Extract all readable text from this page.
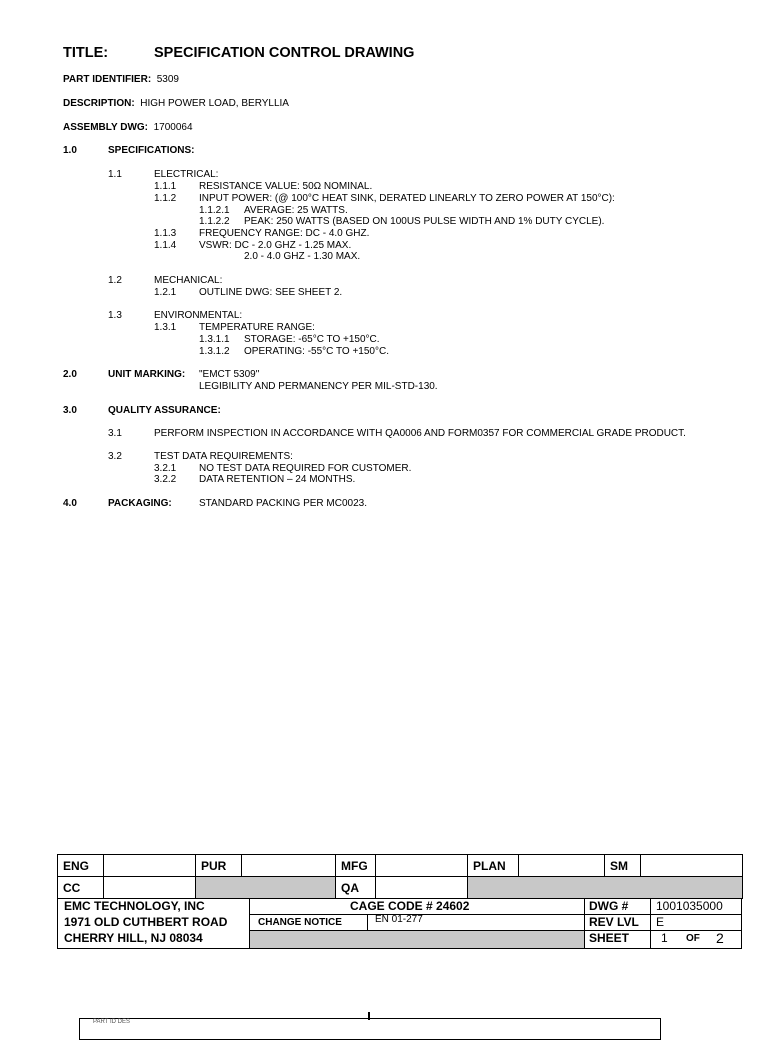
TITLE:	SPECIFICATION CONTROL DRAWING
PART IDENTIFIER: 5309
DESCRIPTION: HIGH POWER LOAD, BERYLLIA
ASSEMBLY DWG: 1700064
1.0	SPECIFICATIONS:
1.1	ELECTRICAL:
1.1.1 RESISTANCE VALUE: 50Ω NOMINAL.
1.1.2 INPUT POWER: (@ 100°C HEAT SINK, DERATED LINEARLY TO ZERO POWER AT 150°C):
1.1.2.1 AVERAGE: 25 WATTS.
1.1.2.2 PEAK: 250 WATTS (BASED ON 100US PULSE WIDTH AND 1% DUTY CYCLE).
1.1.3 FREQUENCY RANGE: DC - 4.0 GHZ.
1.1.4 VSWR: DC - 2.0 GHZ - 1.25 MAX.
2.0 - 4.0 GHZ - 1.30 MAX.
1.2	MECHANICAL:
1.2.1 OUTLINE DWG: SEE SHEET 2.
1.3	ENVIRONMENTAL:
1.3.1 TEMPERATURE RANGE:
1.3.1.1 STORAGE: -65°C TO +150°C.
1.3.1.2 OPERATING: -55°C TO +150°C.
2.0	UNIT MARKING: "EMCT 5309"
LEGIBILITY AND PERMANENCY PER MIL-STD-130.
3.0	QUALITY ASSURANCE:
3.1	PERFORM INSPECTION IN ACCORDANCE WITH QA0006 AND FORM0357 FOR COMMERCIAL GRADE PRODUCT.
3.2	TEST DATA REQUIREMENTS:
3.2.1 NO TEST DATA REQUIRED FOR CUSTOMER.
3.2.2 DATA RETENTION – 24 MONTHS.
4.0	PACKAGING:	STANDARD PACKING PER MC0023.
ENG		PUR		MFG		PLAN		SM	
CC				QA					
EMC TECHNOLOGY, INC
1971 OLD CUTHBERT ROAD
CHERRY HILL, NJ 08034
CAGE CODE # 24602
CHANGE NOTICE	EN 01-277
DWG # 1001035000
REV LVL E
SHEET	1 OF 2
PART ID DES
